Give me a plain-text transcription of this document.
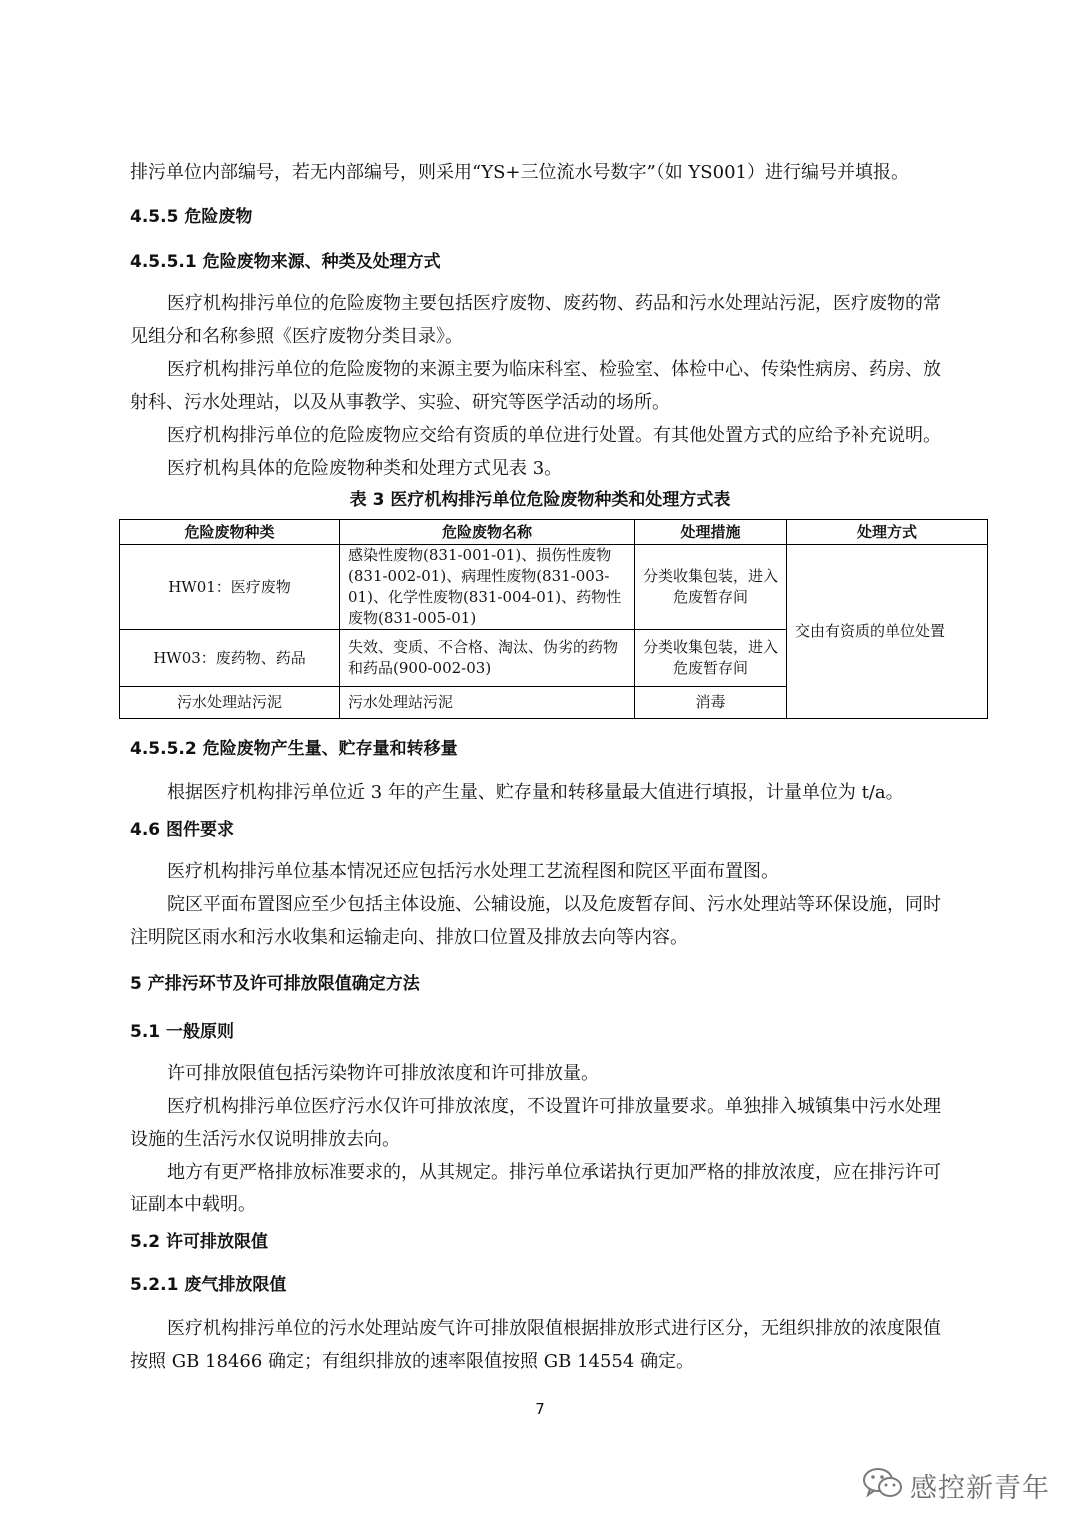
排污单位内部编号，若无内部编号，则采用“YS+三位流水号数字”（如 YS001）进行编号并填报。
4.5.5 危险废物
4.5.5.1 危险废物来源、种类及处理方式
医疗机构排污单位的危险废物主要包括医疗废物、废药物、药品和污水处理站污泥，医疗废物的常
见组分和名称参照《医疗废物分类目录》。
医疗机构排污单位的危险废物的来源主要为临床科室、检验室、体检中心、传染性病房、药房、放
射科、污水处理站，以及从事教学、实验、研究等医学活动的场所。
医疗机构排污单位的危险废物应交给有资质的单位进行处置。有其他处置方式的应给予补充说明。
医疗机构具体的危险废物种类和处理方式见表 3。
表 3 医疗机构排污单位危险废物种类和处理方式表
危险废物种类	危险废物名称	处理措施	处理方式
HW01：医疗废物	感染性废物(831-001-01)、损伤性废物(831-002-01)、病理性废物(831-003-01)、化学性废物(831-004-01)、药物性废物(831-005-01)	分类收集包装，进入危废暂存间	交由有资质的单位处置
HW03：废药物、药品	失效、变质、不合格、淘汰、伪劣的药物和药品(900-002-03)	分类收集包装，进入危废暂存间	
污水处理站污泥	污水处理站污泥	消毒	
4.5.5.2 危险废物产生量、贮存量和转移量
根据医疗机构排污单位近 3 年的产生量、贮存量和转移量最大值进行填报，计量单位为 t/a。
4.6 图件要求
医疗机构排污单位基本情况还应包括污水处理工艺流程图和院区平面布置图。
院区平面布置图应至少包括主体设施、公辅设施，以及危废暂存间、污水处理站等环保设施，同时
注明院区雨水和污水收集和运输走向、排放口位置及排放去向等内容。
5 产排污环节及许可排放限值确定方法
5.1 一般原则
许可排放限值包括污染物许可排放浓度和许可排放量。
医疗机构排污单位医疗污水仅许可排放浓度，不设置许可排放量要求。单独排入城镇集中污水处理
设施的生活污水仅说明排放去向。
地方有更严格排放标准要求的，从其规定。排污单位承诺执行更加严格的排放浓度，应在排污许可
证副本中载明。
5.2 许可排放限值
5.2.1 废气排放限值
医疗机构排污单位的污水处理站废气许可排放限值根据排放形式进行区分，无组织排放的浓度限值
按照 GB 18466 确定；有组织排放的速率限值按照 GB 14554 确定。
7
感控新青年
